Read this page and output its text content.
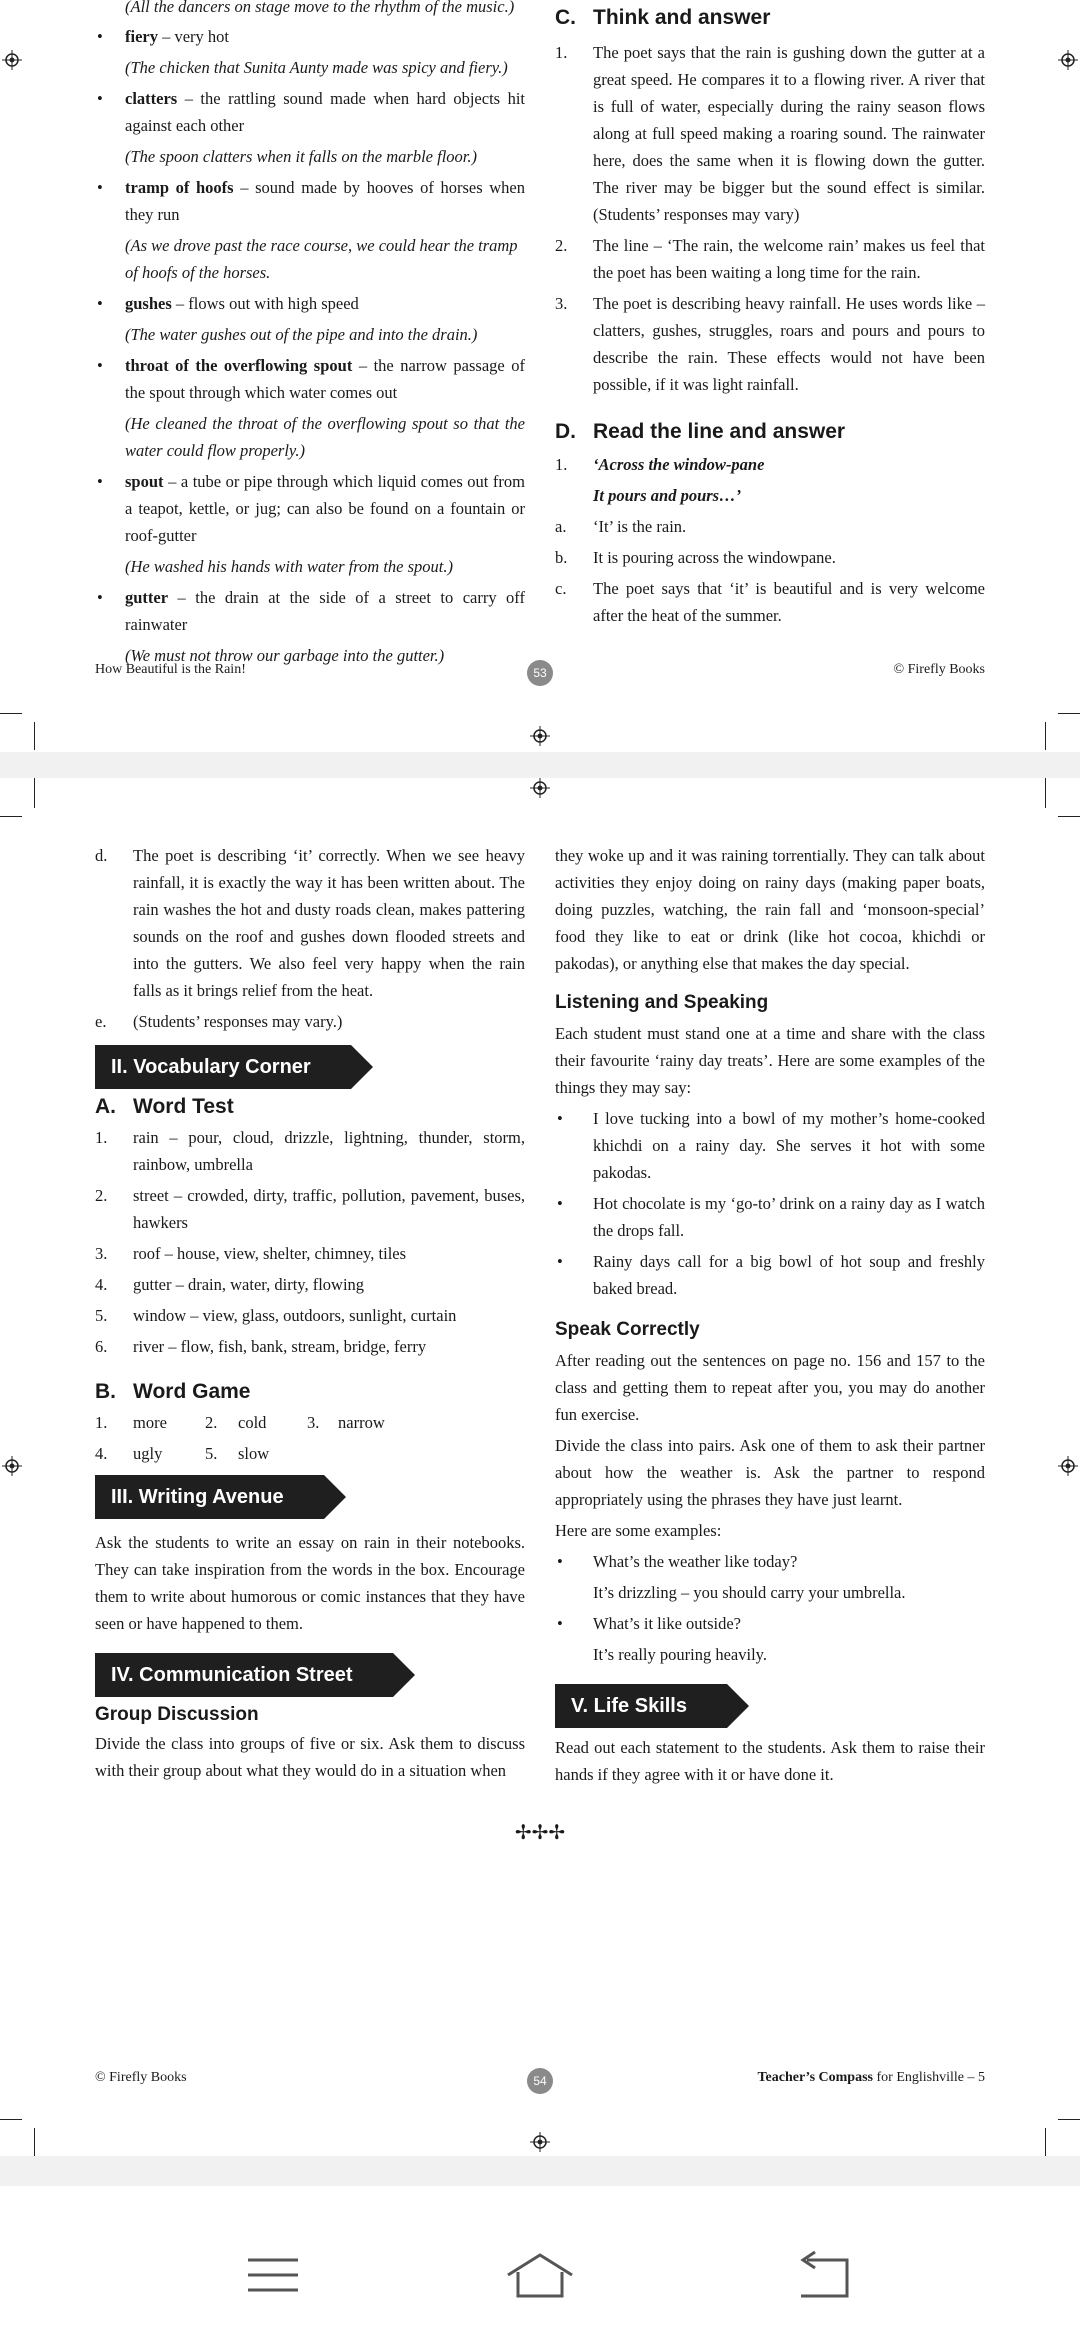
(All the dancers on stage move to the rhythm of the music.)

• fiery – very hot

(The chicken that Sunita Aunty made was spicy and fiery.)

• clatters – the rattling sound made when hard objects hit against each other

(The spoon clatters when it falls on the marble floor.)

• tramp of hoofs – sound made by hooves of horses when they run

(As we drove past the race course, we could hear the tramp of hoofs of the horses.

• gushes – flows out with high speed

(The water gushes out of the pipe and into the drain.)

• throat of the overflowing spout – the narrow passage of the spout through which water comes out

(He cleaned the throat of the overflowing spout so that the water could flow properly.)

• spout – a tube or pipe through which liquid comes out from a teapot, kettle, or jug; can also be found on a fountain or roof-gutter

(He washed his hands with water from the spout.)

• gutter – the drain at the side of a street to carry off rainwater

(We must not throw our garbage into the gutter.)

C. Think and answer

1. The poet says that the rain is gushing down the gutter at a great speed. He compares it to a flowing river. A river that is full of water, especially during the rainy season flows along at full speed making a roaring sound. The rainwater here, does the same when it is flowing down the gutter. The river may be bigger but the sound effect is similar. (Students’ responses may vary)
2. The line – ‘The rain, the welcome rain’ makes us feel that the poet has been waiting a long time for the rain.
3. The poet is describing heavy rainfall. He uses words like – clatters, gushes, struggles, roars and pours and pours to describe the rain. These effects would not have been possible, if it was light rainfall.

D. Read the line and answer

1. ‘Across the window-pane
It pours and pours…’
a. ‘It’ is the rain.
b. It is pouring across the windowpane.
c. The poet says that ‘it’ is beautiful and is very welcome after the heat of the summer.
How Beautiful is the Rain!	53	© Firefly Books
d. The poet is describing ‘it’ correctly. When we see heavy rainfall, it is exactly the way it has been written about. The rain washes the hot and dusty roads clean, makes pattering sounds on the roof and gushes down flooded streets and into the gutters. We also feel very happy when the rain falls as it brings relief from the heat.
e. (Students’ responses may vary.)
II. Vocabulary Corner

A. Word Test

1. rain – pour, cloud, drizzle, lightning, thunder, storm, rainbow, umbrella
2. street – crowded, dirty, traffic, pollution, pavement, buses, hawkers
3. roof – house, view, shelter, chimney, tiles
4. gutter – drain, water, dirty, flowing
5. window – view, glass, outdoors, sunlight, curtain
6. river – flow, fish, bank, stream, bridge, ferry

B. Word Game

1. more 2. cold 3. narrow
4. ugly	5. slow
III. Writing Avenue

Ask the students to write an essay on rain in their notebooks. They can take inspiration from the words in the box. Encourage them to write about humorous or comic instances that they have seen or have happened to them.

IV. Communication Street

Group Discussion

Divide the class into groups of five or six. Ask them to discuss with their group about what they would do in a situation when

they woke up and it was raining torrentially. They can talk about activities they enjoy doing on rainy days (making paper boats, doing puzzles, watching, the rain fall and ‘monsoon-special’ food they like to eat or drink (like hot cocoa, khichdi or pakodas), or anything else that makes the day special.

Listening and Speaking

Each student must stand one at a time and share with the class their favourite ‘rainy day treats’. Here are some examples of the things they may say:

• I love tucking into a bowl of my mother’s home-cooked khichdi on a rainy day. She serves it hot with some pakodas.
• Hot chocolate is my ‘go-to’ drink on a rainy day as I watch the drops fall.
• Rainy days call for a big bowl of hot soup and freshly baked bread.

Speak Correctly

After reading out the sentences on page no. 156 and 157 to the class and getting them to repeat after you, you may do another fun exercise.

Divide the class into pairs. Ask one of them to ask their partner about how the weather is. Ask the partner to respond appropriately using the phrases they have just learnt.

Here are some examples:

• What’s the weather like today?

It’s drizzling – you should carry your umbrella.

• What’s it like outside?

It’s really pouring heavily.

V. Life Skills

Read out each statement to the students. Ask them to raise their hands if they agree with it or have done it.

✢✢✢
© Firefly Books	54	Teacher’s Compass for Englishville – 5
